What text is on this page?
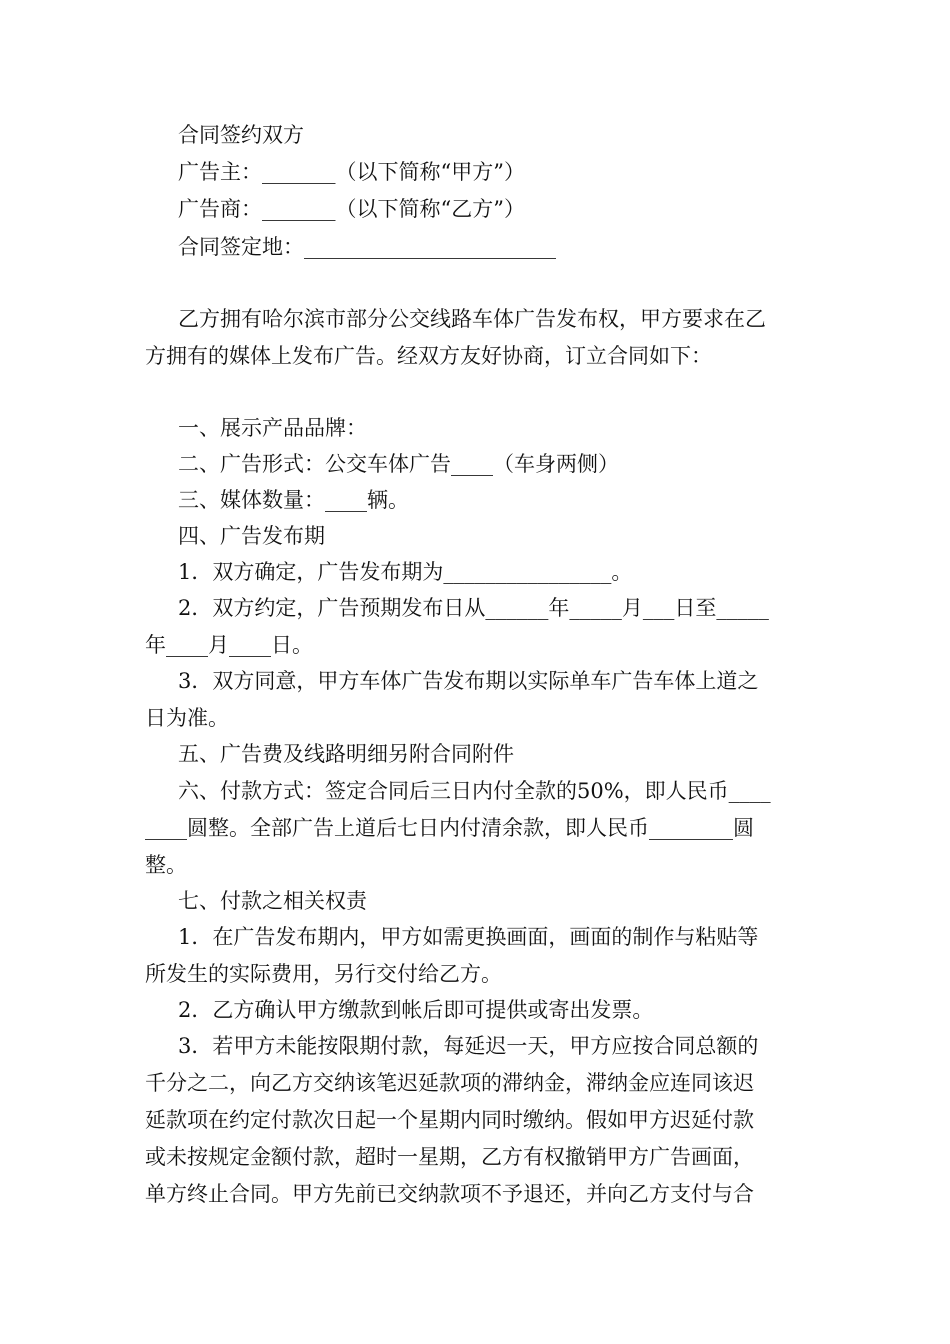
合同签约双方
广告主：_______（以下简称“甲方”）
广告商：_______（以下简称“乙方”）
合同签定地：________________________
乙方拥有哈尔滨市部分公交线路车体广告发布权，甲方要求在乙
方拥有的媒体上发布广告。经双方友好协商，订立合同如下：
一、展示产品品牌：
二、广告形式：公交车体广告____（车身两侧）
三、媒体数量：____辆。
四、广告发布期
1．双方确定，广告发布期为________________。
2．双方约定，广告预期发布日从______年_____月___日至_____
年____月____日。
3．双方同意，甲方车体广告发布期以实际单车广告车体上道之
日为准。
五、广告费及线路明细另附合同附件
六、付款方式：签定合同后三日内付全款的50%，即人民币____
____圆整。全部广告上道后七日内付清余款，即人民币________圆
整。
七、付款之相关权责
1．在广告发布期内，甲方如需更换画面，画面的制作与粘贴等
所发生的实际费用，另行交付给乙方。
2．乙方确认甲方缴款到帐后即可提供或寄出发票。
3．若甲方未能按限期付款，每延迟一天，甲方应按合同总额的
千分之二，向乙方交纳该笔迟延款项的滞纳金，滞纳金应连同该迟
延款项在约定付款次日起一个星期内同时缴纳。假如甲方迟延付款
或未按规定金额付款，超时一星期，乙方有权撤销甲方广告画面，
单方终止合同。甲方先前已交纳款项不予退还，并向乙方支付与合
